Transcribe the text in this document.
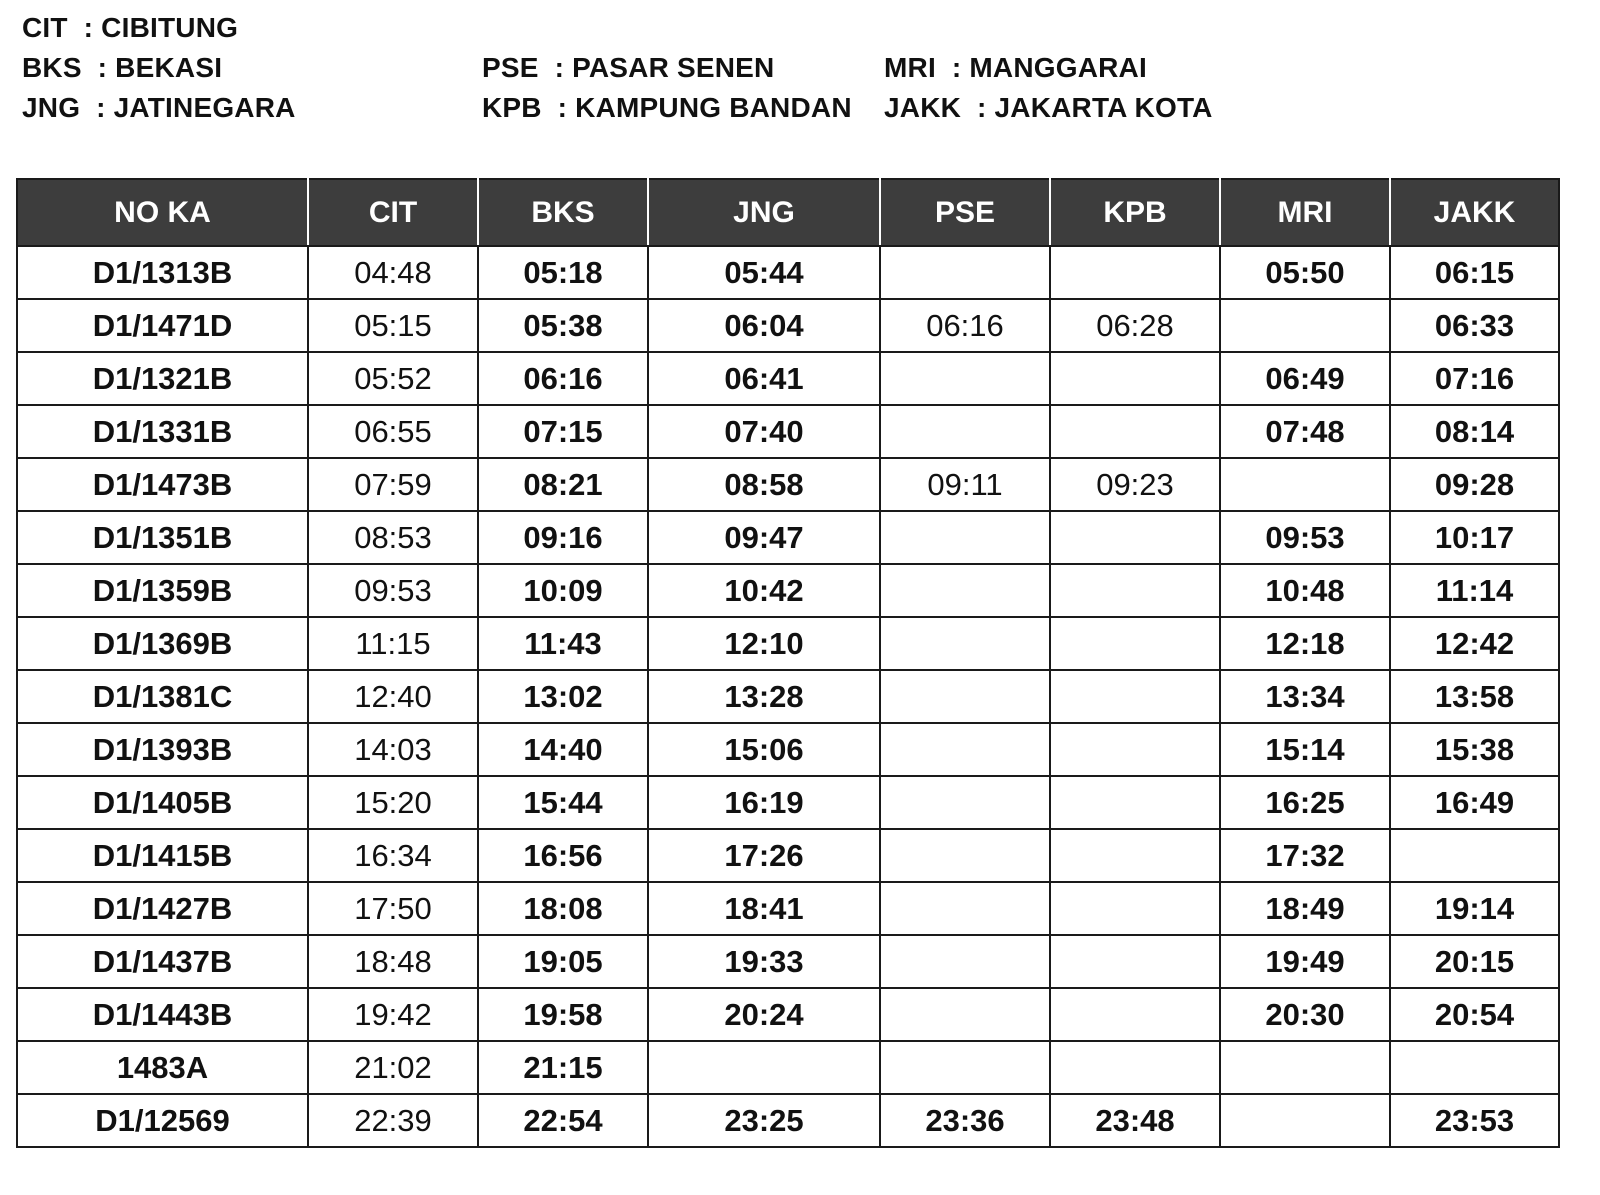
CIT  : CIBITUNG
BKS  : BEKASI
JNG  : JATINEGARA
PSE  : PASAR SENEN
KPB  : KAMPUNG BANDAN
MRI  : MANGGARAI
JAKK  : JAKARTA KOTA
NO KA	CIT	BKS	JNG	PSE	KPB	MRI	JAKK
D1/1313B	04:48	05:18	05:44			05:50	06:15
D1/1471D	05:15	05:38	06:04	06:16	06:28		06:33
D1/1321B	05:52	06:16	06:41			06:49	07:16
D1/1331B	06:55	07:15	07:40			07:48	08:14
D1/1473B	07:59	08:21	08:58	09:11	09:23		09:28
D1/1351B	08:53	09:16	09:47			09:53	10:17
D1/1359B	09:53	10:09	10:42			10:48	11:14
D1/1369B	11:15	11:43	12:10			12:18	12:42
D1/1381C	12:40	13:02	13:28			13:34	13:58
D1/1393B	14:03	14:40	15:06			15:14	15:38
D1/1405B	15:20	15:44	16:19			16:25	16:49
D1/1415B	16:34	16:56	17:26			17:32	
D1/1427B	17:50	18:08	18:41			18:49	19:14
D1/1437B	18:48	19:05	19:33			19:49	20:15
D1/1443B	19:42	19:58	20:24			20:30	20:54
1483A	21:02	21:15					
D1/12569	22:39	22:54	23:25	23:36	23:48		23:53
